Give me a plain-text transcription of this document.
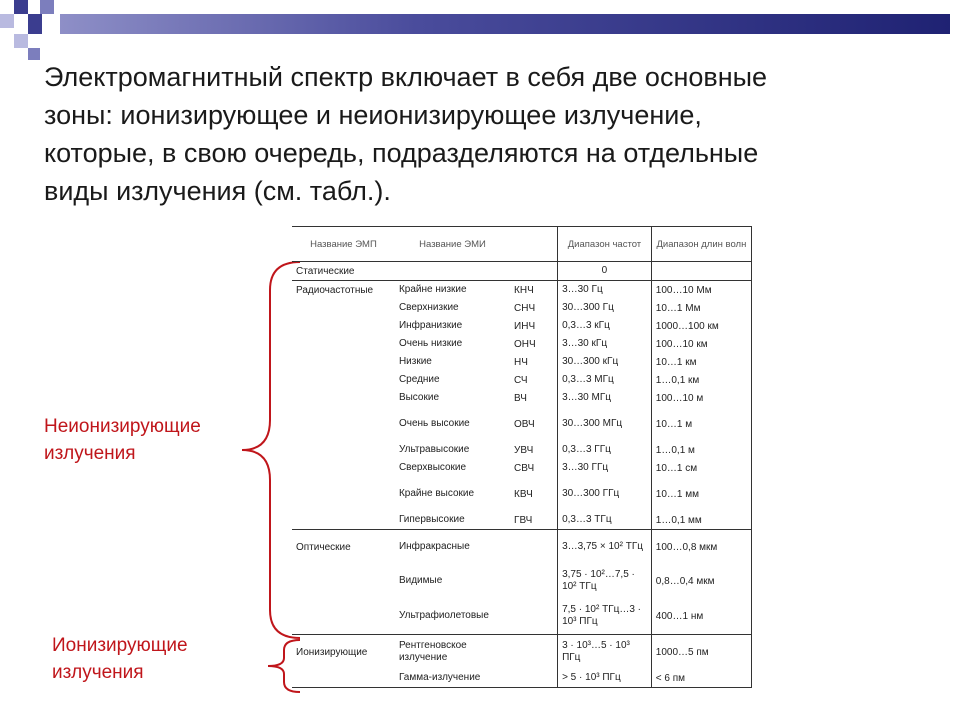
Электромагнитный спектр включает в себя две основные
зоны: ионизирующее и неионизирующее излучение,
которые, в свою очередь, подразделяются на отдельные
виды излучения (см. табл.).
Неионизирующие
излучения
Ионизирующие
излучения
Название ЭМП	Название ЭМИ		Диапазон частот	Диапазон длин волн
Статические			0	
Радиочастотные	Крайне низкие	КНЧ	3…30 Гц	100…10 Мм
	Сверхнизкие	СНЧ	30…300 Гц	10…1 Мм
	Инфранизкие	ИНЧ	0,3…3 кГц	1000…100 км
	Очень низкие	ОНЧ	3…30 кГц	100…10 км
	Низкие	НЧ	30…300 кГц	10…1 км
	Средние	СЧ	0,3…3 МГц	1…0,1 км
	Высокие	ВЧ	3…30 МГц	100…10 м
	Очень высокие	ОВЧ	30…300 МГц	10…1 м
	Ультравысокие	УВЧ	0,3…3 ГГц	1…0,1 м
	Сверхвысокие	СВЧ	3…30 ГГц	10…1 см
	Крайне высокие	КВЧ	30…300 ГГц	10…1 мм
	Гипервысокие	ГВЧ	0,3…3 ТГц	1…0,1 мм
Оптические	Инфракрасные		3…3,75 × 10² ТГц	100…0,8 мкм
	Видимые		3,75 · 10²…7,5 · 10² ТГц	0,8…0,4 мкм
	Ультрафиолетовые		7,5 · 10² ТГц…3 · 10³ ПГц	400…1 нм
Ионизирующие	Рентгеновское излучение		3 · 10³…5 · 10³ ПГц	1000…5 пм
	Гамма-излучение		> 5 · 10³ ПГц	< 6 пм
